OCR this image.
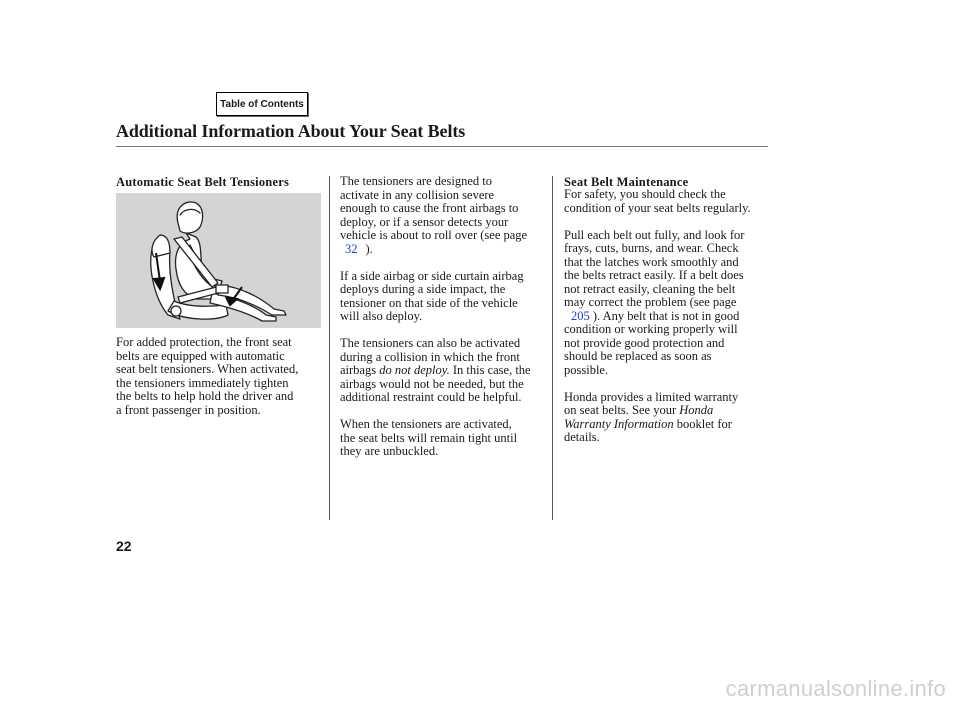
Table of Contents
Additional Information About Your Seat Belts
Automatic Seat Belt Tensioners

For added protection, the front seat
belts are equipped with automatic
seat belt tensioners. When activated,
the tensioners immediately tighten
the belts to help hold the driver and
a front passenger in position.

The tensioners are designed to
activate in any collision severe
enough to cause the front airbags to
deploy, or if a sensor detects your
vehicle is about to roll over (see page
32 ).

If a side airbag or side curtain airbag
deploys during a side impact, the
tensioner on that side of the vehicle
will also deploy.

The tensioners can also be activated
during a collision in which the front
airbags do not deploy. In this case, the
airbags would not be needed, but the
additional restraint could be helpful.

When the tensioners are activated,
the seat belts will remain tight until
they are unbuckled.

Seat Belt Maintenance

For safety, you should check the
condition of your seat belts regularly.

Pull each belt out fully, and look for
frays, cuts, burns, and wear. Check
that the latches work smoothly and
the belts retract easily. If a belt does
not retract easily, cleaning the belt
may correct the problem (see page
205 ). Any belt that is not in good
condition or working properly will
not provide good protection and
should be replaced as soon as
possible.

Honda provides a limited warranty
on seat belts. See your Honda
Warranty Information booklet for
details.

22
carmanualsonline.info
